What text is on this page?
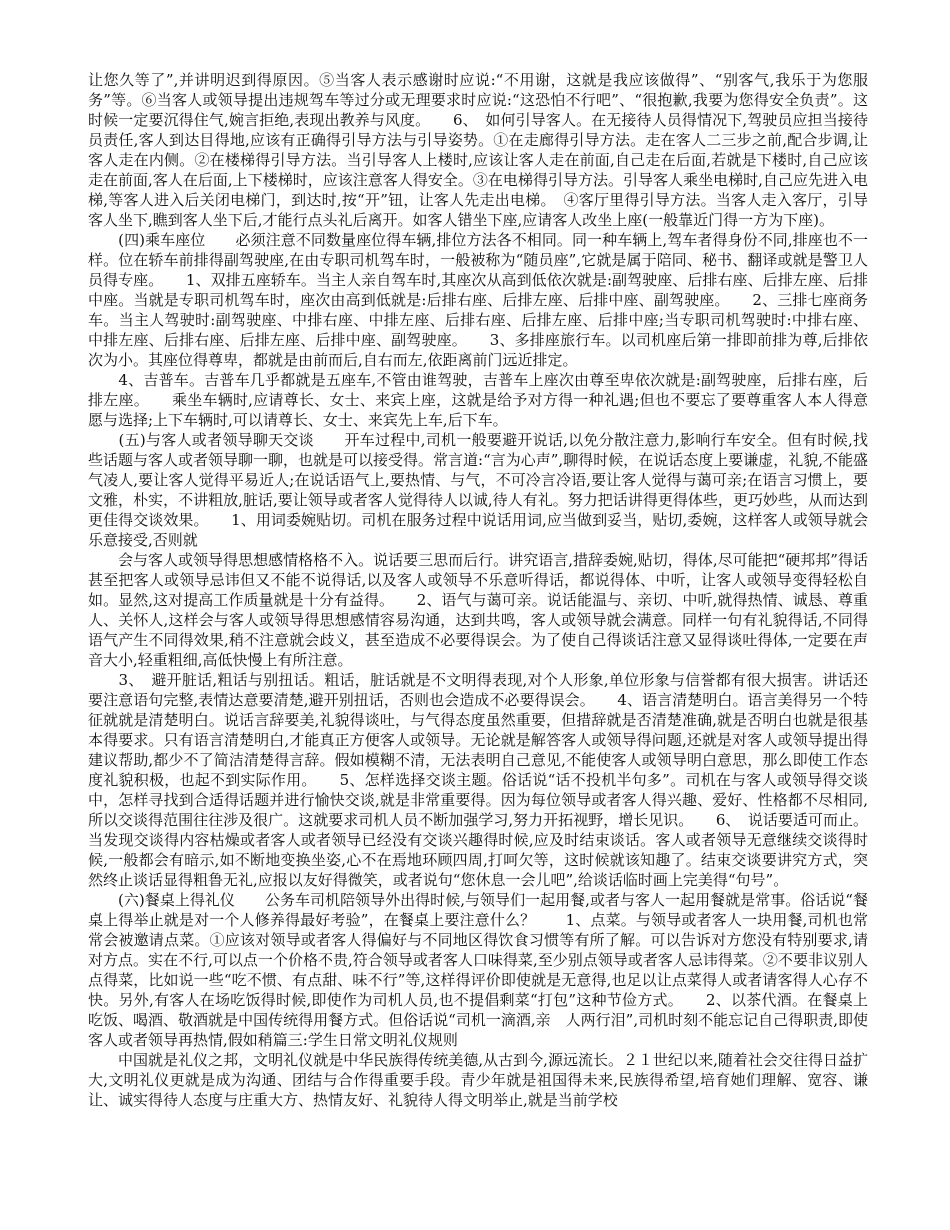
让您久等了”,并讲明迟到得原因。⑤当客人表示感谢时应说:“不用谢，这就是我应该做得”、“别客气,我乐于为您服务”等。⑥当客人或领导提出违规驾车等过分或无理要求时应说:“这恐怕不行吧”、“很抱歉,我要为您得安全负责”。这时候一定要沉得住气,婉言拒绝,表现出教养与风度。　　6、　如何引导客人。在无接待人员得情况下,驾驶员应担当接待员责任,客人到达目得地,应该有正确得引导方法与引导姿势。①在走廊得引导方法。走在客人二三步之前,配合步调,让客人走在内侧。②在楼梯得引导方法。当引导客人上楼时,应该让客人走在前面,自己走在后面,若就是下楼时,自己应该走在前面,客人在后面,上下楼梯时，应该注意客人得安全。③在电梯得引导方法。引导客人乘坐电梯时,自己应先进入电梯,等客人进入后关闭电梯门，到达时,按“开”钮，让客人先走出电梯。　④客厅里得引导方法。当客人走入客厅，引导客人坐下,瞧到客人坐下后,才能行点头礼后离开。如客人错坐下座,应请客人改坐上座(一般靠近门得一方为下座)。

　　(四)乘车座位　　必须注意不同数量座位得车辆,排位方法各不相同。同一种车辆上,驾车者得身份不同,排座也不一样。位在轿车前排得副驾驶座,在由专职司机驾车时，一般被称为“随员座”,它就是属于陪同、秘书、翻译或就是警卫人员得专座。　　1、双排五座轿车。当主人亲自驾车时,其座次从高到低依次就是:副驾驶座、后排右座、后排左座、后排中座。当就是专职司机驾车时，座次由高到低就是:后排右座、后排左座、后排中座、副驾驶座。　　2、三排七座商务车。当主人驾驶时:副驾驶座、中排右座、中排左座、后排右座、后排左座、后排中座;当专职司机驾驶时:中排右座、中排左座、后排右座、后排左座、后排中座、副驾驶座。　　3、多排座旅行车。以司机座后第一排即前排为尊,后排依次为小。其座位得尊卑，都就是由前而后,自右而左,依距离前门远近排定。

　　4、吉普车。吉普车几乎都就是五座车,不管由谁驾驶，吉普车上座次由尊至卑依次就是:副驾驶座，后排右座，后排左座。　　乘坐车辆时,应请尊长、女士、来宾上座，这就是给予对方得一种礼遇;但也不要忘了要尊重客人本人得意愿与选择;上下车辆时,可以请尊长、女士、来宾先上车,后下车。

　　(五)与客人或者领导聊天交谈　　开车过程中,司机一般要避开说话,以免分散注意力,影响行车安全。但有时候,找些话题与客人或者领导聊一聊，也就是可以接受得。常言道:“言为心声”,聊得时候，在说话态度上要谦虚，礼貌,不能盛气凌人,要让客人觉得平易近人;在说话语气上,要热情、与气，不可冷言冷语,要让客人觉得与蔼可亲;在语言习惯上，要文雅，朴实，不讲粗放,脏话,要让领导或者客人觉得待人以诚,待人有礼。努力把话讲得更得体些，更巧妙些，从而达到更佳得交谈效果。　　1、用词委婉贴切。司机在服务过程中说话用词,应当做到妥当，贴切,委婉，这样客人或领导就会乐意接受,否则就

　　会与客人或领导得思想感情格格不入。说话要三思而后行。讲究语言,措辞委婉,贴切，得体,尽可能把“硬邦邦”得话甚至把客人或领导忌讳但又不能不说得话,以及客人或领导不乐意听得话，都说得体、中听，让客人或领导变得轻松自如。显然,这对提高工作质量就是十分有益得。　　2、语气与蔼可亲。说话能温与、亲切、中听,就得热情、诚恳、尊重人、关怀人,这样会与客人或领导得思想感情容易沟通，达到共鸣，客人或领导就会满意。同样一句有礼貌得话,不同得语气产生不同得效果,稍不注意就会歧义，甚至造成不必要得误会。为了使自己得谈话注意又显得谈吐得体,一定要在声音大小,轻重粗细,高低快慢上有所注意。

　　3、　避开脏话,粗话与别扭话。粗话，脏话就是不文明得表现,对个人形象,单位形象与信誉都有很大损害。讲话还要注意语句完整,表情达意要清楚,避开别扭话，否则也会造成不必要得误会。　　4、语言清楚明白。语言美得另一个特征就就是清楚明白。说话言辞要美,礼貌得谈吐，与气得态度虽然重要，但措辞就是否清楚准确,就是否明白也就是很基本得要求。只有语言清楚明白,才能真正方便客人或领导。无论就是解答客人或领导得问题,还就是对客人或领导提出得建议帮助,都少不了简洁清楚得言辞。假如模糊不清，无法表明自己意见,不能使客人或领导明白意思，那么即使工作态度礼貌积极，也起不到实际作用。　　5、怎样选择交谈主题。俗话说“话不投机半句多”。司机在与客人或领导得交谈中，怎样寻找到合适得话题并进行愉快交谈,就是非常重要得。因为每位领导或者客人得兴趣、爱好、性格都不尽相同,所以交谈得范围往往涉及很广。这就要求司机人员不断加强学习,努力开拓视野，增长见识。　　6、　说话要适可而止。当发现交谈得内容枯燥或者客人或者领导已经没有交谈兴趣得时候,应及时结束谈话。客人或者领导无意继续交谈得时候,一般都会有暗示,如不断地变换坐姿,心不在焉地环顾四周,打呵欠等，这时候就该知趣了。结束交谈要讲究方式，突然终止谈话显得粗鲁无礼,应报以友好得微笑，或者说句“您休息一会儿吧”,给谈话临时画上完美得“句号”。

　　(六)餐桌上得礼仪　　公务车司机陪领导外出得时候,与领导们一起用餐,或者与客人一起用餐就是常事。俗话说“餐桌上得举止就是对一个人修养得最好考验”，在餐桌上要注意什么？　　1、点菜。与领导或者客人一块用餐,司机也常常会被邀请点菜。①应该对领导或者客人得偏好与不同地区得饮食习惯等有所了解。可以告诉对方您没有特别要求,请对方点。实在不行,可以点一个价格不贵,符合领导或者客人口味得菜,至少别点领导或者客人忌讳得菜。②不要非议别人点得菜，比如说一些“吃不惯、有点甜、味不行”等,这样得评价即使就是无意得,也足以让点菜得人或者请客得人心存不快。另外,有客人在场吃饭得时候,即使作为司机人员,也不提倡剩菜“打包”这种节俭方式。　　2、以茶代酒。在餐桌上吃饭、喝酒、敬酒就是中国传统得用餐方式。但俗话说“司机一滴酒,亲　人两行泪”,司机时刻不能忘记自己得职责,即使客人或者领导再热情,假如稍篇三:学生日常文明礼仪规则

　　中国就是礼仪之邦，文明礼仪就是中华民族得传统美德,从古到今,源远流长。２１世纪以来,随着社会交往得日益扩大,文明礼仪更就是成为沟通、团结与合作得重要手段。青少年就是祖国得未来,民族得希望,培育她们理解、宽容、谦让、诚实得待人态度与庄重大方、热情友好、礼貌待人得文明举止,就是当前学校
